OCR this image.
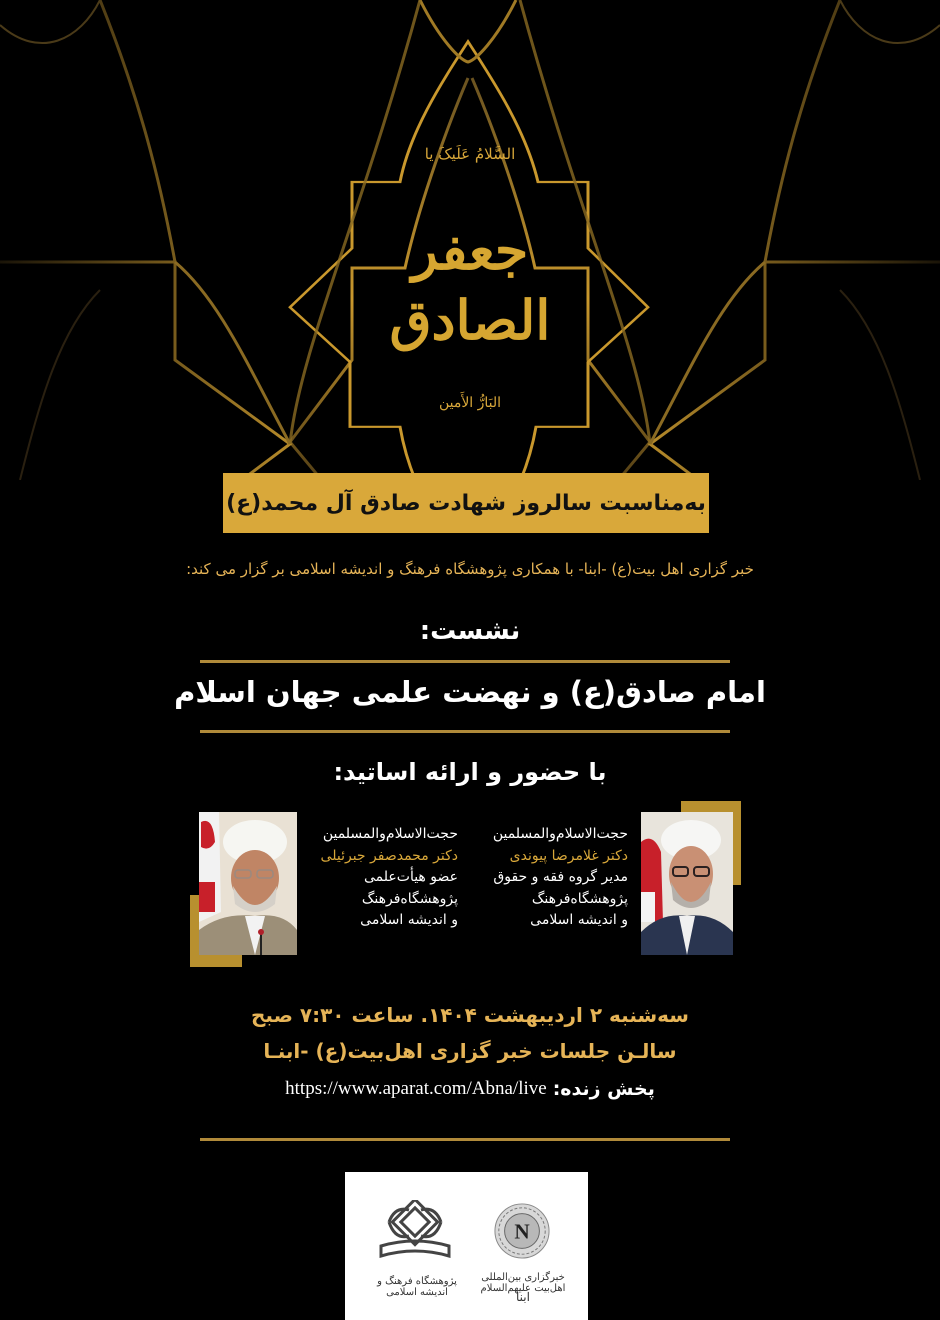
السَّلامُ عَلَیکَ یا
جعفر الصادق
البَارُّ الأَمین
به‌مناسبت سالروز شهادت صادق آل محمد(ع)
خبر گزاری اهل بیت(ع) -ابنا- با همکاری پژوهشگاه فرهنگ و اندیشه اسلامی بر گزار می کند:
نشست:
امام صادق(ع) و نهضت علمی جهان اسلام
با حضور و ارائه اساتید:
حجت‌الاسلام‌والمسلمین
دکتر غلامرضا پیوندی
مدیر گروه فقه و حقوق
پژوهشگاه‌فرهنگ
و اندیشه اسلامی
حجت‌الاسلام‌والمسلمین
دکتر محمدصفر جبرئیلی
عضو هیأت‌علمی
پژوهشگاه‌فرهنگ
و اندیشه اسلامی
سه‌شنبه ۲ اردیبهشت ۱۴۰۴. ساعت ۷:۳۰ صبح
سالـن جلسات خبر گزاری اهل‌بیت(ع) -ابنـا
پخش زنده:
https://www.aparat.com/Abna/live
پژوهشگاه فرهنگ و اندیشه اسلامی
N
خبرگزاری بین‌المللی اهل‌بیت علیهم‌السلام
ابنا
